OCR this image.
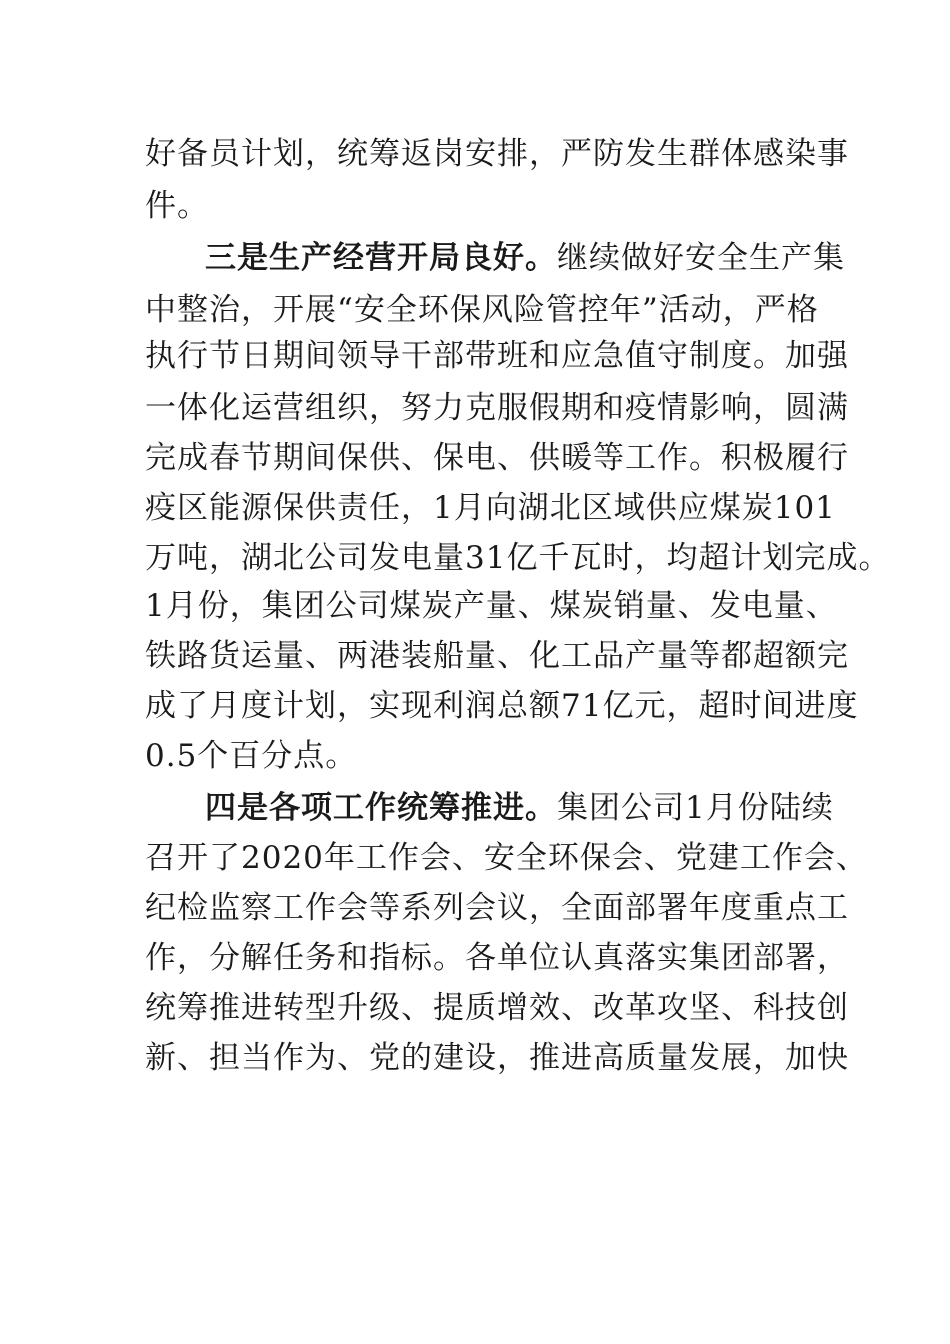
好备员计划，统筹返岗安排，严防发生群体感染事
件。
三是生产经营开局良好。继续做好安全生产集
中整治，开展“安全环保风险管控年”活动，严格
执行节日期间领导干部带班和应急值守制度。加强
一体化运营组织，努力克服假期和疫情影响，圆满
完成春节期间保供、保电、供暖等工作。积极履行
疫区能源保供责任，1月向湖北区域供应煤炭101
万吨，湖北公司发电量31亿千瓦时，均超计划完成。
1月份，集团公司煤炭产量、煤炭销量、发电量、
铁路货运量、两港装船量、化工品产量等都超额完
成了月度计划，实现利润总额71亿元，超时间进度
0.5个百分点。
四是各项工作统筹推进。集团公司1月份陆续
召开了2020年工作会、安全环保会、党建工作会、
纪检监察工作会等系列会议，全面部署年度重点工
作，分解任务和指标。各单位认真落实集团部署，
统筹推进转型升级、提质增效、改革攻坚、科技创
新、担当作为、党的建设，推进高质量发展，加快
